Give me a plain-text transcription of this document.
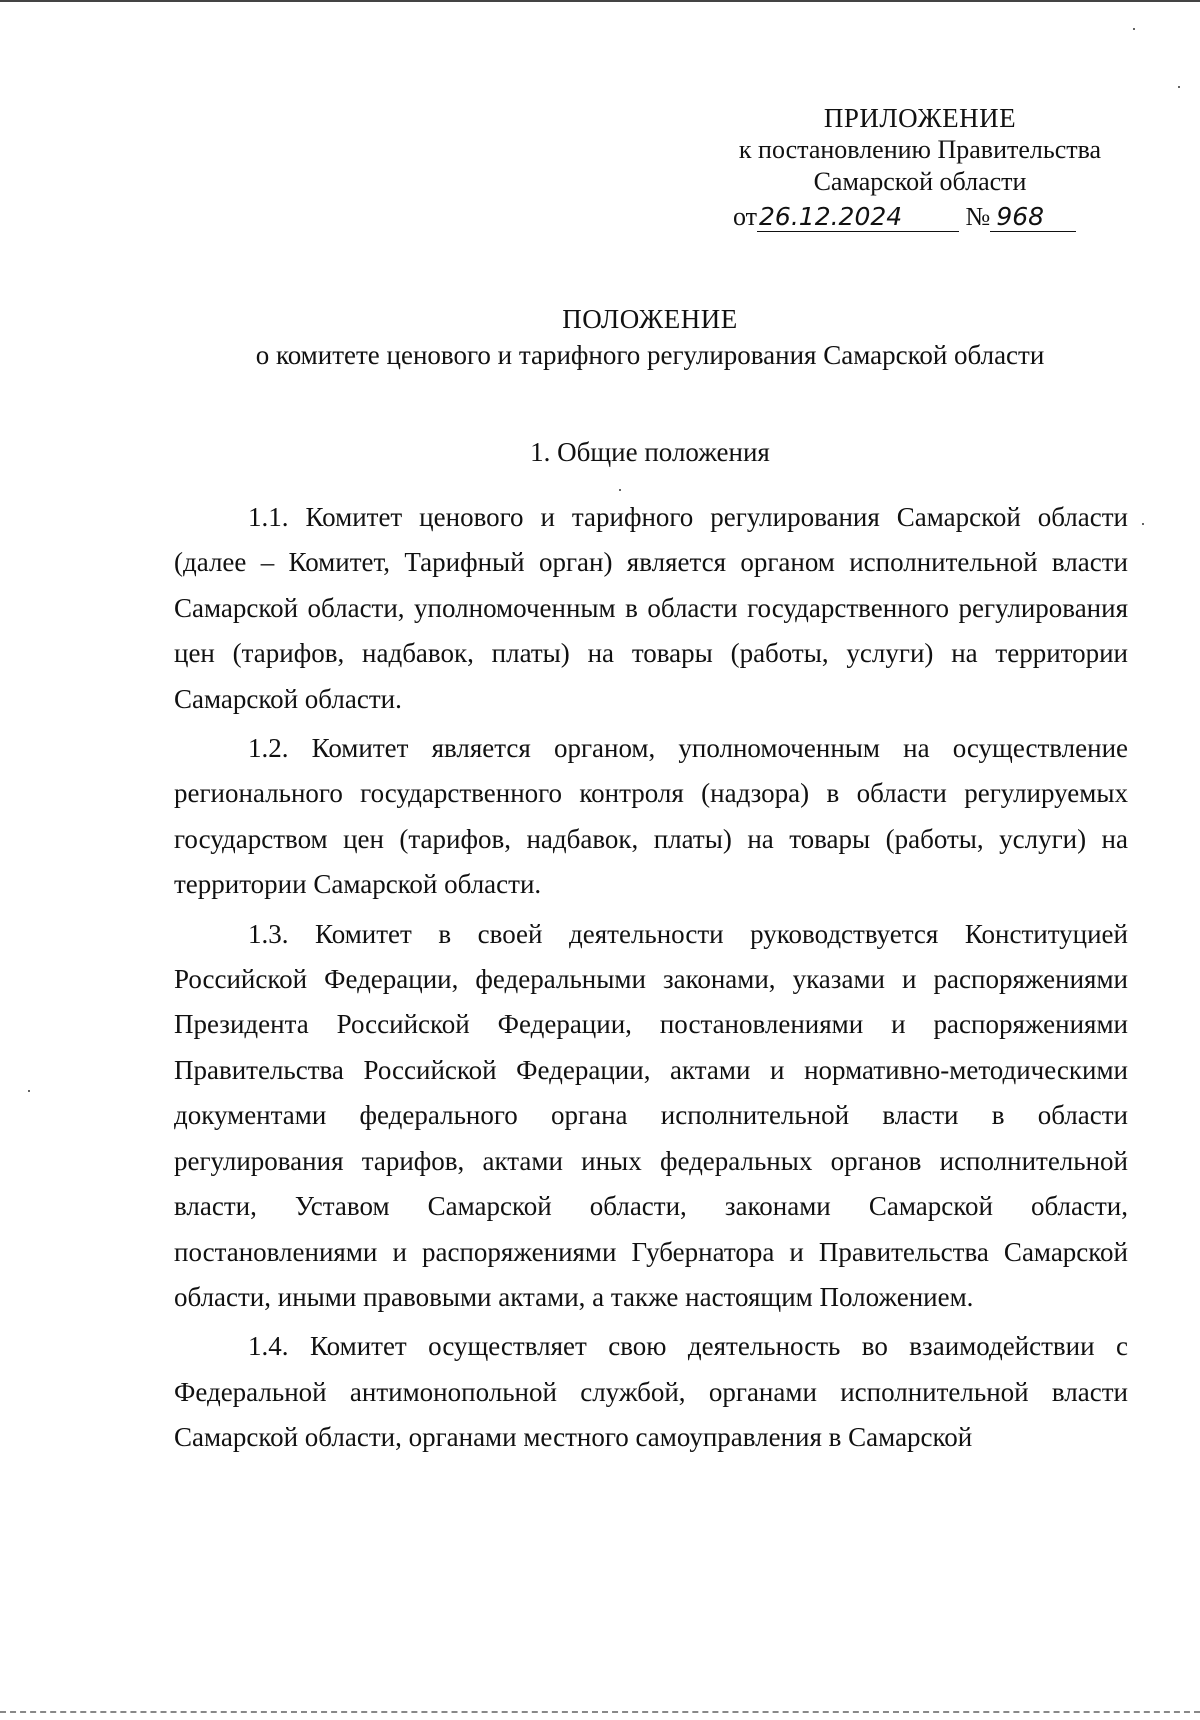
ПРИЛОЖЕНИЕ
к постановлению Правительства
Самарской области
от26.12.2024 № 968
ПОЛОЖЕНИЕ
о комитете ценового и тарифного регулирования Самарской области
1. Общие положения

1.1. Комитет ценового и тарифного регулирования Самарской области (далее – Комитет, Тарифный орган) является органом исполнительной власти Самарской области, уполномоченным в области государственного регулирования цен (тарифов, надбавок, платы) на товары (работы, услуги) на территории Самарской области.

1.2. Комитет является органом, уполномоченным на осуществление регионального государственного контроля (надзора) в области регулируемых государством цен (тарифов, надбавок, платы) на товары (работы, услуги) на территории Самарской области.

1.3. Комитет в своей деятельности руководствуется Конституцией Российской Федерации, федеральными законами, указами и распоряжениями Президента Российской Федерации, постановлениями и распоряжениями Правительства Российской Федерации, актами и нормативно-методическими документами федерального органа исполнительной власти в области регулирования тарифов, актами иных федеральных органов исполнительной власти, Уставом Самарской области, законами Самарской области, постановлениями и распоряжениями Губернатора и Правительства Самарской области, иными правовыми актами, а также настоящим Положением.

1.4. Комитет осуществляет свою деятельность во взаимодействии с Федеральной антимонопольной службой, органами исполнительной власти Самарской области, органами местного самоуправления в Самарской
